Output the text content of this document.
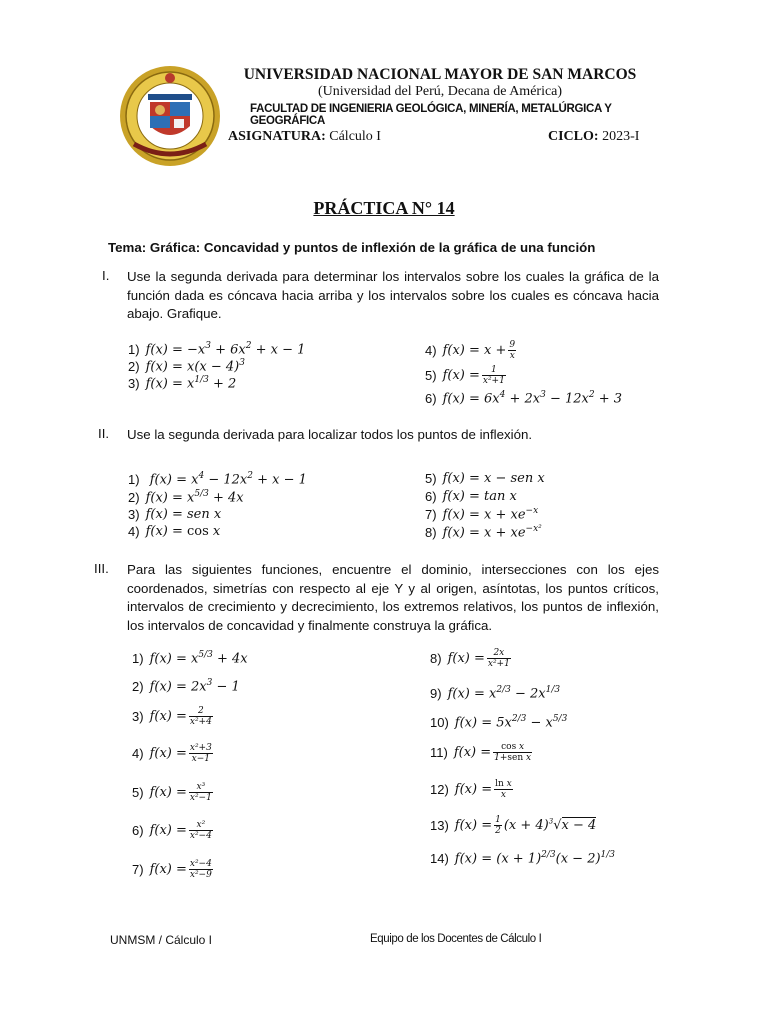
UNIVERSIDAD NACIONAL MAYOR DE SAN MARCOS
(Universidad del Perú, Decana de América)
FACULTAD DE INGENIERIA GEOLÓGICA, MINERÍA, METALÚRGICA Y GEOGRÁFICA
ASIGNATURA: Cálculo I	CICLO: 2023-I
PRÁCTICA N° 14
Tema: Gráfica: Concavidad y puntos de inflexión de la gráfica de una función
I. Use la segunda derivada para determinar los intervalos sobre los cuales la gráfica de la función dada es cóncava hacia arriba y los intervalos sobre los cuales es cóncava hacia abajo. Grafique.
1) $f(x) = -x^3 + 6x^2 + x - 1$
2) $f(x) = x(x - 4)^3$
3) $f(x) = x^{1/3} + 2$
4) $f(x) = x + \frac{9}{x}$
5) $f(x) = \frac{1}{\text{x²+1}}$
6) $f(x) = 6x^4 + 2x^3 - 12x^2 + 3$
II. Use la segunda derivada para localizar todos los puntos de inflexión.
1) $f(x) = x^4 - 12x^2 + x - 1$
2) $f(x) = x^{5/3} + 4x$
3) f(x) = sen x
4) f(x) = cos x
5) f(x) = x − sen x
6) f(x) = tan x
7) $f(x) = x + xe^{-x}$
8) $f(x) = x + xe^{-x^2}$
III. Para las siguientes funciones, encuentre el dominio, intersecciones con los ejes coordenados, simetrías con respecto al eje Y y al origen, asíntotas, los puntos críticos, intervalos de crecimiento y decrecimiento, los extremos relativos, los puntos de inflexión, los intervalos de concavidad y finalmente construya la gráfica.
1) $f(x) = x^{5/3} + 4x$
2) $f(x) = 2x^3 - 1$
3) $f(x) = \frac{2}{\text{x²+4}}$
4) $f(x) = \frac{\text{x²+3}}{x-1}$
5) $f(x) = \frac{\text{x³}}{\text{x²−1}}$
6) $f(x) = \frac{\text{x²}}{\text{x²−4}}$
7) $f(x) = \frac{\text{x²−4}}{\text{x²−9}}$
8) $f(x) = \frac{2x}{\text{x²+1}}$
9) $f(x) = x^{2/3} - 2x^{1/3}$
10) $f(x) = 5x^{2/3} - x^{5/3}$
11) $f(x) = \frac{\text{cos x}}{\text{1+sen x}}$
12) $f(x) = \frac{\text{ln x}}{x}$
13) $f(x) = \frac{1}{2} (x + 4)^3√x - 4$
14) $f(x) = (x + 1)^{2/3}(x - 2)^{1/3}$
UNMSM / Cálculo I	Equipo de los Docentes de Cálculo I
